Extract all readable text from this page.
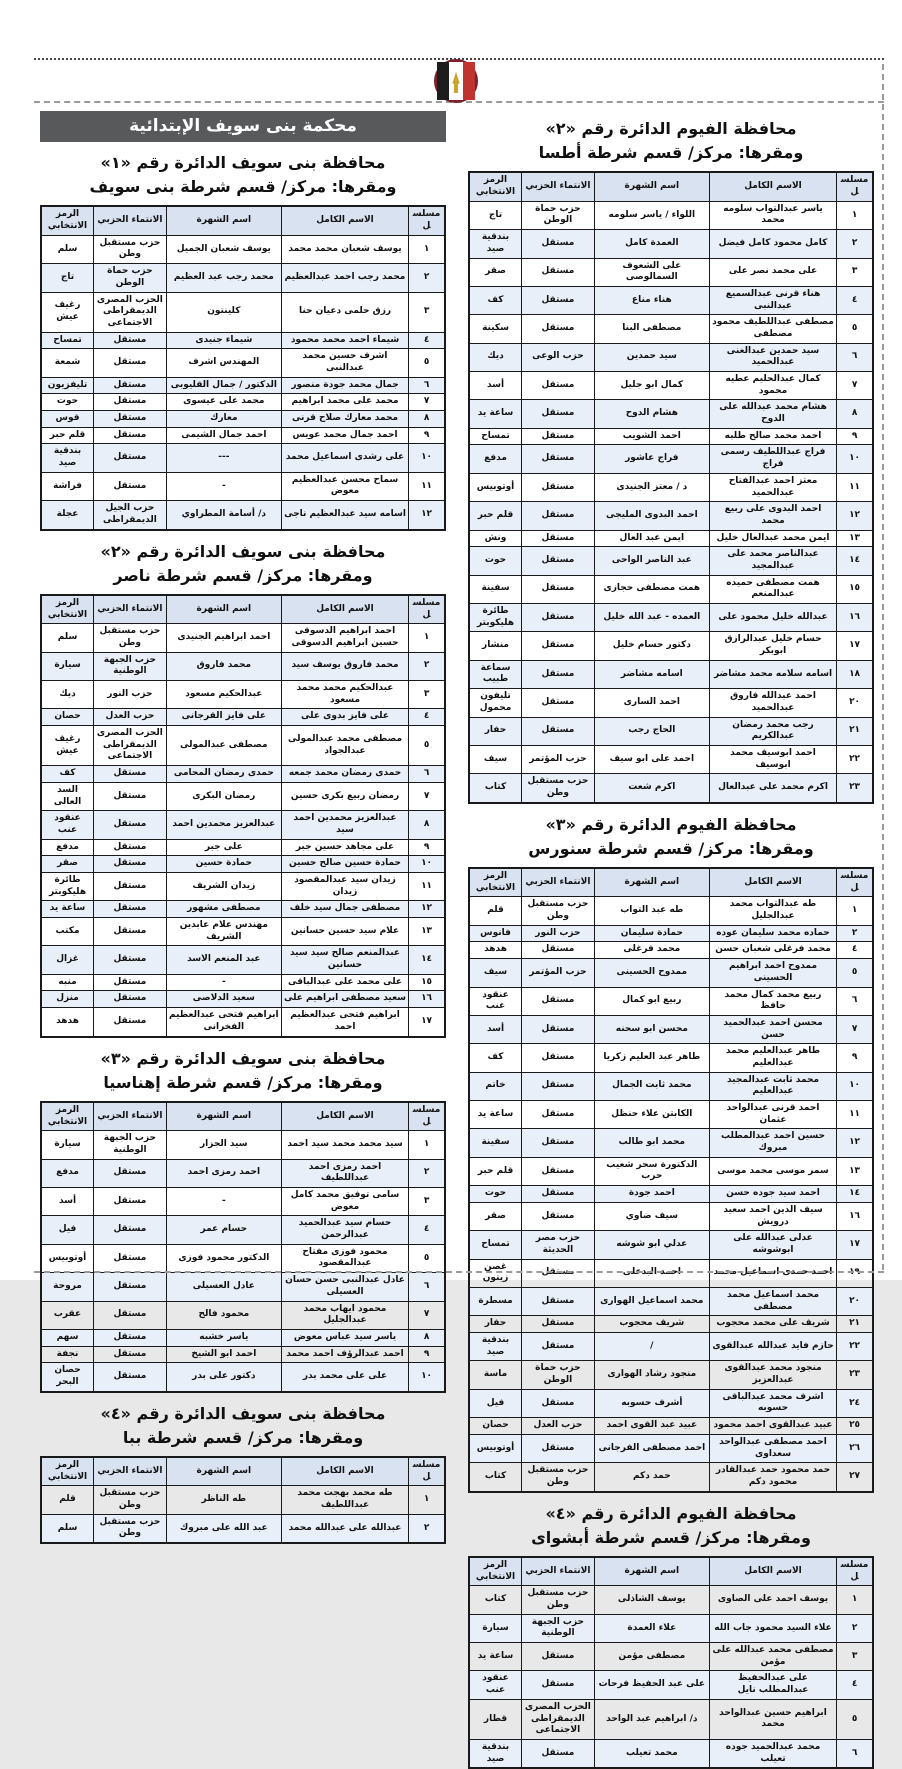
محافظة الفيوم الدائرة رقم «٢»
ومقرها: مركز/ قسم شرطة أطسا
مسلسل	الاسم الكامل	اسم الشهرة	الانتماء الحزبي	الرمز الانتخابي
١	ياسر عبدالتواب سلومه محمد	اللواء / ياسر سلومه	حزب حماة الوطن	تاج
٢	كامل محمود كامل فيضل	العمدة كامل	مستقل	بندقية صيد
٣	على محمد نصر على	على الشعوف السمالوصى	مستقل	صقر
٤	هناء قرنى عبدالسميع عبدالنبى	هناء مناع	مستقل	كف
٥	مصطفى عبداللطيف محمود مصطفى	مصطفى البنا	مستقل	سكينة
٦	سيد حمدين عبدالغنى عبدالحميد	سيد حمدين	حزب الوعى	ديك
٧	كمال عبدالحليم عطيه محمود	كمال ابو جليل	مستقل	أسد
٨	هشام محمد عبدالله على الدوح	هشام الدوح	مستقل	ساعة يد
٩	احمد محمد صالح طلبه	احمد الشويب	مستقل	تمساح
١٠	فراج عبداللطيف رسمى فراج	فراج عاشور	مستقل	مدفع
١١	معتز احمد عبدالفتاح عبدالحميد	د / معتز الجنيدى	مستقل	أوتوبيس
١٢	احمد البدوى على ربيع محمد	احمد البدوى المليجى	مستقل	قلم حبر
١٣	ايمن محمد عبدالعال خليل	ايمن عبد العال	مستقل	ونش
١٤	عبدالناصر محمد على عبدالمجيد	عبد الناصر الواحى	مستقل	حوت
١٥	همت مصطفى حميده عبدالمنعم	همت مصطفى حجازى	مستقل	سفينة
١٦	عبدالله خليل محمود على	العمده - عبد الله خليل	مستقل	طائرة هليكوبتر
١٧	حسام خليل عبدالرازق ابوبكر	دكتور حسام خليل	مستقل	منشار
١٨	اسامه سلامه محمد مشاضر	اسامه مشاضر	مستقل	سماعة طبيب
٢٠	احمد عبدالله فاروق عبدالحميد	احمد السارى	مستقل	تليفون محمول
٢١	رجب محمد رمضان عبدالكريم	الحاج رجب	مستقل	حفار
٢٢	احمد ابوسيف محمد ابوسيف	احمد على ابو سيف	حزب المؤتمر	سيف
٢٣	اكرم محمد على عبدالعال	اكرم شعت	حزب مستقبل وطن	كتاب
محافظة الفيوم الدائرة رقم «٣»
ومقرها: مركز/ قسم شرطة سنورس
مسلسل	الاسم الكامل	اسم الشهرة	الانتماء الحزبي	الرمز الانتخابي
١	طه عبدالتواب محمد عبدالجليل	طه عبد التواب	حزب مستقبل وطن	قلم
٢	حماده محمد سليمان عوده	حمادة سليمان	حزب النور	فانوس
٤	محمد فرغلى شعبان حسن	محمد فرغلى	مستقل	هدهد
٥	ممدوح احمد ابراهيم الحسينى	ممدوح الحسينى	حزب المؤتمر	سيف
٦	ربيع محمد كمال محمد حافظ	ربيع ابو كمال	مستقل	عنقود عنب
٧	محسن احمد عبدالحميد حسن	محسن ابو سحنه	مستقل	أسد
٩	طاهر عبدالعليم محمد عبدالعليم	طاهر عبد العليم زكريا	مستقل	كف
١٠	محمد ثابت عبدالمجيد عبدالعليم	محمد ثابت الجمال	مستقل	خاتم
١١	احمد قرنى عبدالواحد عثمان	الكابتن علاء حنظل	مستقل	ساعة يد
١٢	حسين احمد عبدالمطلب مبروك	محمد ابو طالب	مستقل	سفينة
١٣	سمر موسى محمد موسى	الدكتورة سحر شعيب حرب	مستقل	قلم حبر
١٤	احمد سيد جوده حسن	احمد جودة	مستقل	حوت
١٦	سيف الدين احمد سعيد درويش	سيف ضاوي	مستقل	صقر
١٧	عدلى عبدالله على ابوشوشه	عدلي ابو شوشه	حزب مصر الحديثة	تمساح
١٩	احمد حمدى اسماعيل محمد	احمد البدعلى	مستقل	غصن زيتون
٢٠	محمد اسماعيل محمد مصطفى	محمد اسماعيل الهوارى	مستقل	مسطرة
٢١	شريف على محمد محجوب	شريف محجوب	مستقل	حفار
٢٢	حازم فايد عبدالله عبدالقوى	/	مستقل	بندقية صيد
٢٣	منجود محمد عبدالقوى عبدالعزيز	منجود رشاد الهوارى	حزب حماة الوطن	ماسة
٢٤	اشرف محمد عبدالباقى حسوبه	أشرف حسوبه	مستقل	فيل
٢٥	عبيد عبدالقوى احمد محمود	عبيد عبد القوى احمد	حزب العدل	حصان
٢٦	احمد مصطفى عبدالواحد سعداوى	احمد مصطفى الفرجانى	مستقل	أوتوبيس
٢٧	حمد محمود حمد عبدالقادر محمود دكم	حمد دكم	حزب مستقبل وطن	كتاب
محافظة الفيوم الدائرة رقم «٤»
ومقرها: مركز/ قسم شرطة أبشواى
مسلسل	الاسم الكامل	اسم الشهرة	الانتماء الحزبي	الرمز الانتخابي
١	يوسف احمد على الصاوى	يوسف الشاذلى	حزب مستقبل وطن	كتاب
٢	علاء السيد محمود جاب الله	علاء العمدة	حزب الجبهة الوطنية	سيارة
٣	مصطفى محمد عبدالله على مؤمن	مصطفى مؤمن	مستقل	ساعة يد
٤	على عبدالحفيظ عبدالمطلب نايل	على عبد الحفيظ فرحات	مستقل	عنقود عنب
٥	ابراهيم حسين عبدالواحد محمد	د/ ابراهيم عبد الواحد	الحزب المصرى الديمقراطى الاجتماعى	قطار
٦	محمد عبدالحميد جوده تعيلب	محمد تعيلب	مستقل	بندقية صيد
محكمة بنى سويف الإبتدائية
محافظة بنى سويف الدائرة رقم «١»
ومقرها: مركز/ قسم شرطة بنى سويف
مسلسل	الاسم الكامل	اسم الشهرة	الانتماء الحزبي	الرمز الانتخابي
١	يوسف شعبان محمد محمد	يوسف شعبان الجميل	حزب مستقبل وطن	سلم
٢	محمد رجب احمد عبدالعظيم	محمد رجب عبد العظيم	حزب حماة الوطن	تاج
٣	رزق حلمى دعيان حنا	كلينتون	الحزب المصرى الديمقراطى الاجتماعى	رغيف عيش
٤	شيماء احمد محمد محمود	شيماء جنيدى	مستقل	تمساح
٥	اشرف حسين محمد عبدالنبى	المهندس اشرف	مستقل	شمعة
٦	جمال محمد جودة منصور	الدكتور / جمال القليوبى	مستقل	تليفزيون
٧	محمد على محمد ابراهيم	محمد على عيسوى	مستقل	حوت
٨	محمد معارك صلاح قرنى	معارك	مستقل	قوس
٩	احمد جمال محمد عويس	احمد جمال الشيمى	مستقل	قلم حبر
١٠	على رشدى اسماعيل محمد	---	مستقل	بندقية صيد
١١	سماح محسن عبدالعظيم معوض	-	مستقل	فراشة
١٢	اسامه سيد عبدالعظيم ناجى	د/ أسامة المطراوي	حزب الجيل الديمقراطى	عجلة
محافظة بنى سويف الدائرة رقم «٢»
ومقرها: مركز/ قسم شرطة ناصر
مسلسل	الاسم الكامل	اسم الشهرة	الانتماء الحزبي	الرمز الانتخابي
١	احمد ابراهيم الدسوقى حسين ابراهيم الدسوقى	احمد ابراهيم الجنيدى	حزب مستقبل وطن	سلم
٢	محمد فاروق يوسف سيد	محمد فاروق	حزب الجبهة الوطنية	سيارة
٣	عبدالحكيم محمد محمد مسعود	عبدالحكيم مسعود	حزب النور	ديك
٤	على فايز بدوى على	على فايز القرجانى	حزب العدل	حصان
٥	مصطفى محمد عبدالمولى عبدالجواد	مصطفى عبدالمولى	الحزب المصرى الديمقراطى الاجتماعى	رغيف عيش
٦	حمدى رمضان محمد جمعه	حمدى رمضان المحامى	مستقل	كف
٧	رمضان ربيع بكرى حسين	رمضان البكرى	مستقل	السد العالى
٨	عبدالعزيز محمدين احمد سيد	عبدالعزيز محمدين احمد	مستقل	عنقود عنب
٩	على مجاهد حسين جبر	على جبر	مستقل	مدفع
١٠	حمادة حسين صالح حسين	حمادة حسين	مستقل	صقر
١١	زيدان سيد عبدالمقصود زيدان	زيدان الشريف	مستقل	طائرة هليكوبتر
١٢	مصطفى جمال سيد خلف	مصطفى مشهور	مستقل	ساعة يد
١٣	علام سيد حسين حسانين	مهندس علام عابدين الشريف	مستقل	مكتب
١٤	عبدالمنعم صالح سيد سيد حسانين	عبد المنعم الاسد	مستقل	غزال
١٥	على محمد على عبدالباقى	-	مستقل	منبه
١٦	سعيد مصطفى ابراهيم على	سعيد الدلاصى	مستقل	منزل
١٧	ابراهيم فتحى عبدالعظيم احمد	ابراهيم فتحى عبدالعظيم الفخرانى	مستقل	هدهد
محافظة بنى سويف الدائرة رقم «٣»
ومقرها: مركز/ قسم شرطة إهناسيا
مسلسل	الاسم الكامل	اسم الشهرة	الانتماء الحزبي	الرمز الانتخابي
١	سيد محمد محمد سيد احمد	سيد الجزار	حزب الجبهة الوطنية	سيارة
٢	احمد رمزى احمد عبداللطيف	احمد رمزى احمد	مستقل	مدفع
٣	سامى توفيق محمد كامل معوض	-	مستقل	أسد
٤	حسام سيد عبدالحميد عبدالرحمن	حسام عمر	مستقل	فيل
٥	محمود فوزى مفتاح عبدالمقصود	الدكتور محمود فوزى	مستقل	أوتوبيس
٦	عادل عبدالنبى حسن حسان العسيلى	عادل العسيلى	مستقل	مروحة
٧	محمود ايهاب محمد عبدالجليل	محمود فالح	مستقل	عقرب
٨	ياسر سيد عباس معوض	ياسر خشبه	مستقل	سهم
٩	احمد عبدالرؤف احمد محمد	احمد ابو الشيخ	مستقل	نجفة
١٠	على على محمد بدر	دكتور على بدر	مستقل	حصان البحر
محافظة بنى سويف الدائرة رقم «٤»
ومقرها: مركز/ قسم شرطة ببا
مسلسل	الاسم الكامل	اسم الشهرة	الانتماء الحزبي	الرمز الانتخابي
١	طه محمد بهجت محمد عبداللطيف	طه الناظر	حزب مستقبل وطن	قلم
٢	عبدالله على عبدالله محمد	عبد الله على مبروك	حزب مستقبل وطن	سلم
